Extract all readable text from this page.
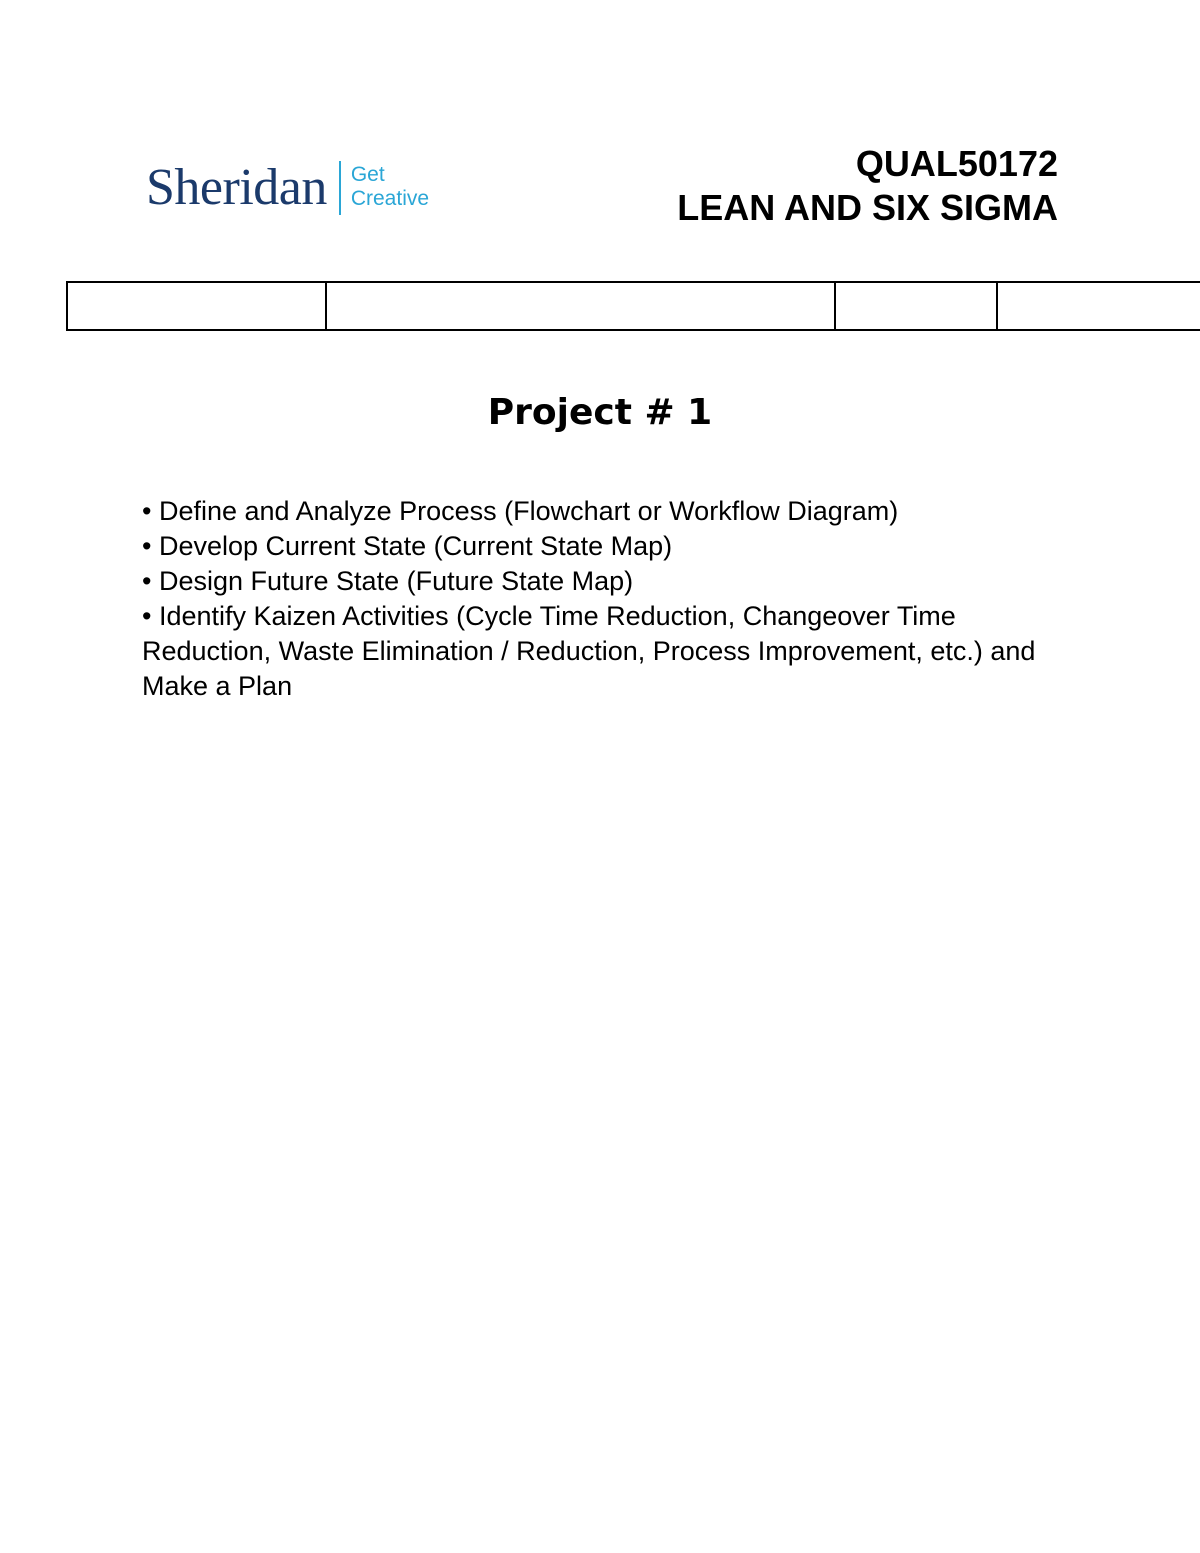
Sheridan Get
Creative
QUAL50172
LEAN AND SIX SIGMA
Project # 1
• Define and Analyze Process (Flowchart or Workflow Diagram)
• Develop Current State (Current State Map)
• Design Future State (Future State Map)
• Identify Kaizen Activities (Cycle Time Reduction, Changeover Time Reduction, Waste Elimination / Reduction, Process Improvement, etc.) and Make a Plan
